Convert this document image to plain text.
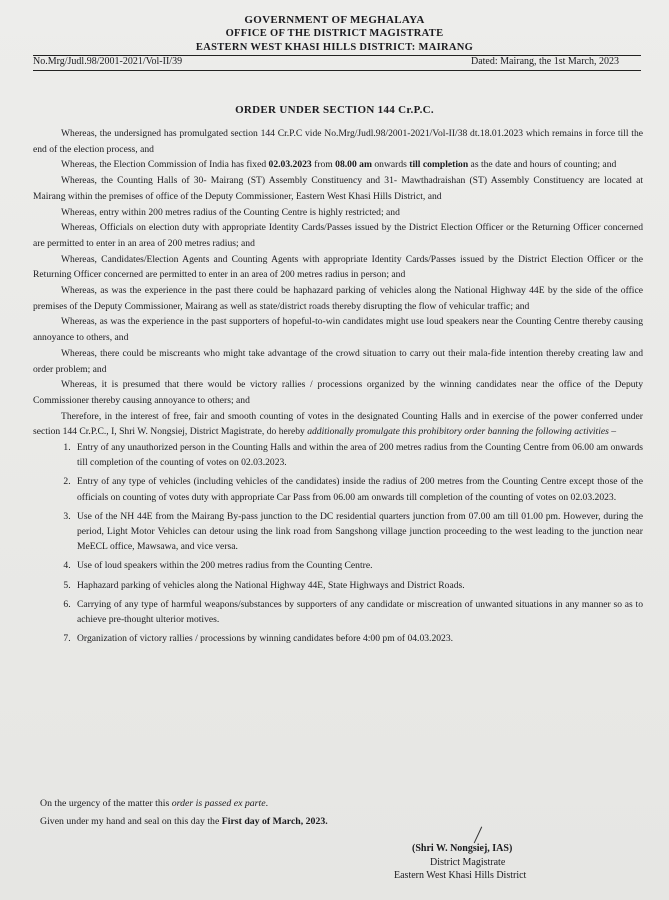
GOVERNMENT OF MEGHALAYA
OFFICE OF THE DISTRICT MAGISTRATE
EASTERN WEST KHASI HILLS DISTRICT: MAIRANG
No.Mrg/Judl.98/2001-2021/Vol-II/39	Dated: Mairang, the 1st March, 2023
ORDER UNDER SECTION 144 Cr.P.C.

Whereas, the undersigned has promulgated section 144 Cr.P.C vide No.Mrg/Judl.98/2001-2021/Vol-II/38 dt.18.01.2023 which remains in force till the end of the election process, and

Whereas, the Election Commission of India has fixed 02.03.2023 from 08.00 am onwards till completion as the date and hours of counting; and

Whereas, the Counting Halls of 30- Mairang (ST) Assembly Constituency and 31- Mawthadraishan (ST) Assembly Constituency are located at Mairang within the premises of office of the Deputy Commissioner, Eastern West Khasi Hills District, and

Whereas, entry within 200 metres radius of the Counting Centre is highly restricted; and

Whereas, Officials on election duty with appropriate Identity Cards/Passes issued by the District Election Officer or the Returning Officer concerned are permitted to enter in an area of 200 metres radius; and

Whereas, Candidates/Election Agents and Counting Agents with appropriate Identity Cards/Passes issued by the District Election Officer or the Returning Officer concerned are permitted to enter in an area of 200 metres radius in person; and

Whereas, as was the experience in the past there could be haphazard parking of vehicles along the National Highway 44E by the side of the office premises of the Deputy Commissioner, Mairang as well as state/district roads thereby disrupting the flow of vehicular traffic; and

Whereas, as was the experience in the past supporters of hopeful-to-win candidates might use loud speakers near the Counting Centre thereby causing annoyance to others, and

Whereas, there could be miscreants who might take advantage of the crowd situation to carry out their mala-fide intention thereby creating law and order problem; and

Whereas, it is presumed that there would be victory rallies / processions organized by the winning candidates near the office of the Deputy Commissioner thereby causing annoyance to others; and

Therefore, in the interest of free, fair and smooth counting of votes in the designated Counting Halls and in exercise of the power conferred under section 144 Cr.P.C., I, Shri W. Nongsiej, District Magistrate, do hereby additionally promulgate this prohibitory order banning the following activities –

1. Entry of any unauthorized person in the Counting Halls and within the area of 200 metres radius from the Counting Centre from 06.00 am onwards till completion of the counting of votes on 02.03.2023.
2. Entry of any type of vehicles (including vehicles of the candidates) inside the radius of 200 metres from the Counting Centre except those of the officials on counting of votes duty with appropriate Car Pass from 06.00 am onwards till completion of the counting of votes on 02.03.2023.
3. Use of the NH 44E from the Mairang By-pass junction to the DC residential quarters junction from 07.00 am till 01.00 pm. However, during the period, Light Motor Vehicles can detour using the link road from Sangshong village junction proceeding to the west leading to the junction near MeECL office, Mawsawa, and vice versa.
4. Use of loud speakers within the 200 metres radius from the Counting Centre.
5. Haphazard parking of vehicles along the National Highway 44E, State Highways and District Roads.
6. Carrying of any type of harmful weapons/substances by supporters of any candidate or miscreation of unwanted situations in any manner so as to achieve pre-thought ulterior motives.
7. Organization of victory rallies / processions by winning candidates before 4:00 pm of 04.03.2023.
On the urgency of the matter this order is passed ex parte.
Given under my hand and seal on this day the First day of March, 2023.
(Shri W. Nongsiej, IAS)
District Magistrate
Eastern West Khasi Hills District
